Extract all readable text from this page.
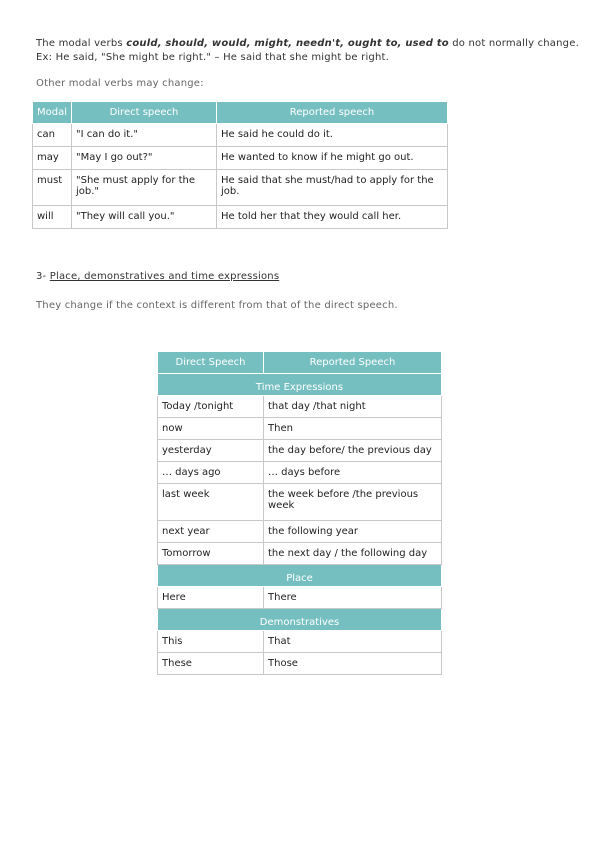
The modal verbs could, should, would, might, needn't, ought to, used to do not normally change.
Ex: He said, "She might be right." – He said that she might be right.
Other modal verbs may change:
Modal	Direct speech	Reported speech
can	"I can do it."	He said he could do it.
may	"May I go out?"	He wanted to know if he might go out.
must	"She must apply for the job."	He said that she must/had to apply for the job.
will	"They will call you."	He told her that they would call her.
3- Place, demonstratives and time expressions
They change if the context is different from that of the direct speech.
Direct Speech	Reported Speech
Time Expressions	
Today /tonight	that day /that night
now	Then
yesterday	the day before/ the previous day
… days ago	… days before
last week	the week before /the previous week
next year	the following year
Tomorrow	the next day / the following day
Place	
Here	There
Demonstratives	
This	That
These	Those
